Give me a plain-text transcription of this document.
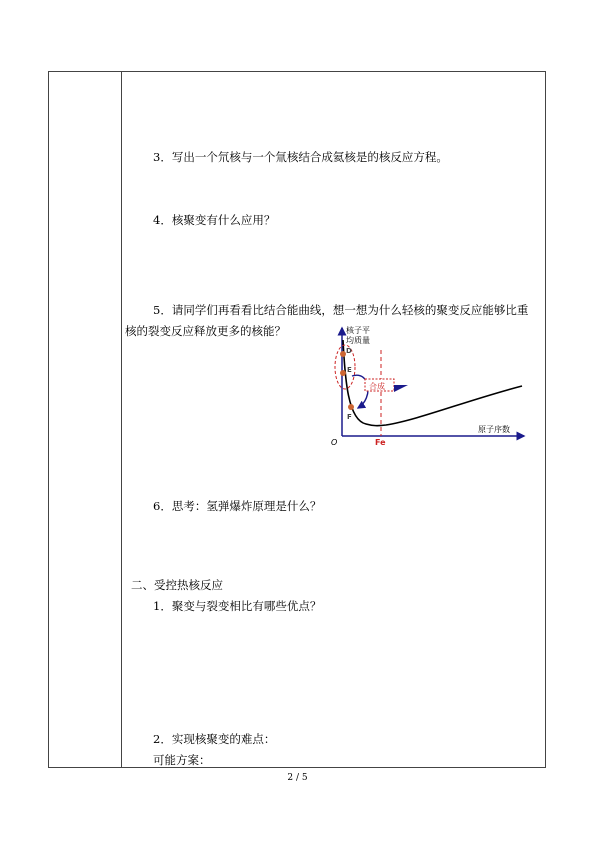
3．写出一个氘核与一个氚核结合成氦核是的核反应方程。
4．核聚变有什么应用？
5．请同学们再看看比结合能曲线，想一想为什么轻核的聚变反应能够比重
核的裂变反应释放更多的核能？
6．思考：氢弹爆炸原理是什么？
二、受控热核反应
1．聚变与裂变相比有哪些优点？
2．实现核聚变的难点：
可能方案：
合成
核子平
均质量
原子序数
O	Fe
D
E
F
2 / 5
